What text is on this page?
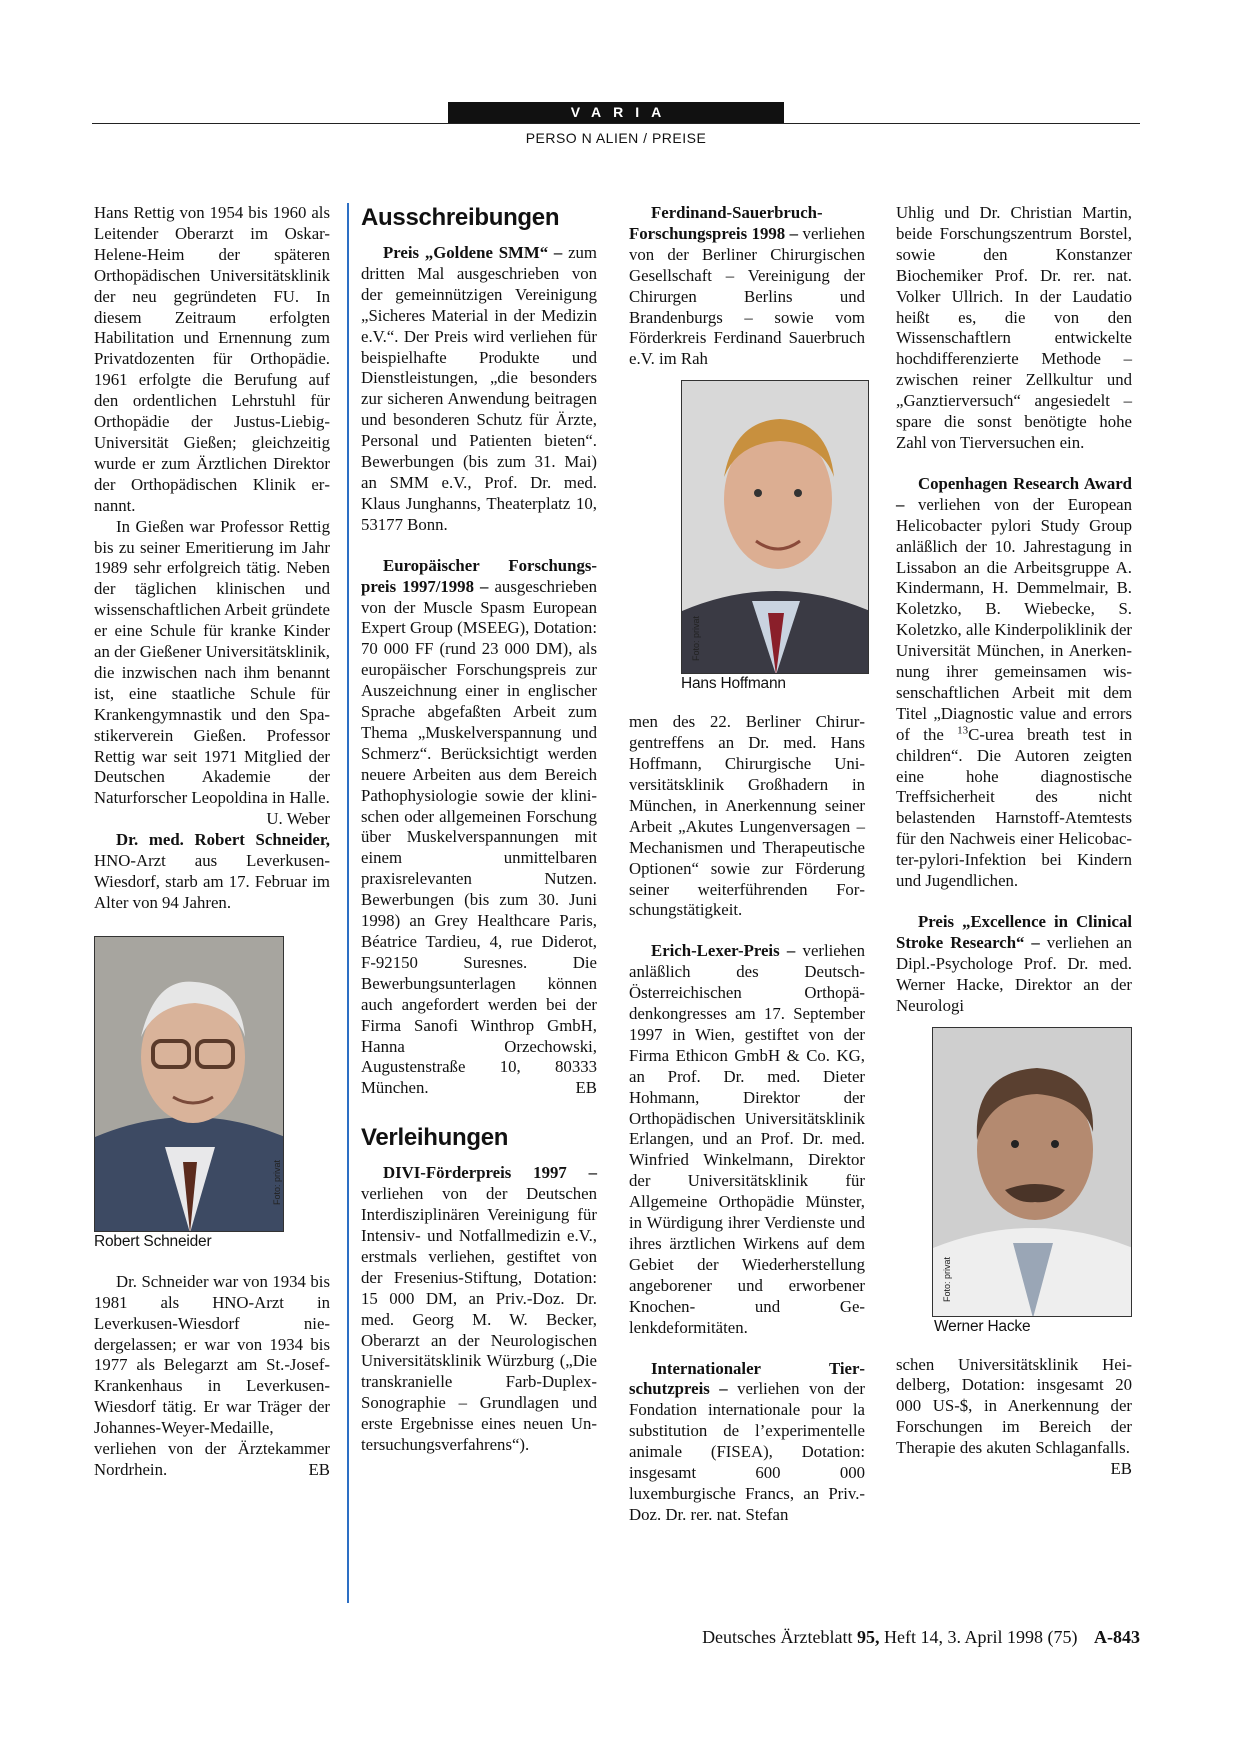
VARIA
PERSO N ALIEN / PREISE

Hans Rettig von 1954 bis 1960 als Leitender Oberarzt im Oskar-Helene-Heim der späteren Orthopädischen Universitätsklinik der neu gegründeten FU. In diesem Zeitraum erfolgten Habilitation und Ernennung zum Privatdozenten für Orthopädie. 1961 erfolgte die Berufung auf den ordentlichen Lehrstuhl für Orthopädie der Justus-Liebig-Universität Gießen; gleichzeitig wurde er zum Ärztlichen Direktor der Orthopädischen Klinik ernannt.

In Gießen war Professor Rettig bis zu seiner Emeritierung im Jahr 1989 sehr erfolgreich tätig. Neben der täglichen klinischen und wissenschaftlichen Arbeit gründete er eine Schule für kranke Kinder an der Gießener Universitätsklinik, die inzwischen nach ihm benannt ist, eine staatliche Schule für Krankengymnastik und den Spastikerverein Gießen. Professor Rettig war seit 1971 Mitglied der Deutschen Akademie der Naturforscher Leopoldina in Halle.
U. Weber

Dr. med. Robert Schneider, HNO-Arzt aus Leverkusen-Wiesdorf, starb am 17. Februar im Alter von 94 Jahren.

Foto: privat

Robert Schneider

Dr. Schneider war von 1934 bis 1981 als HNO-Arzt in Leverkusen-Wiesdorf niedergelassen; er war von 1934 bis 1977 als Belegarzt am St.-Josef-Krankenhaus in Leverkusen-Wiesdorf tätig. Er war Träger der Johannes-Weyer-Medaille, verliehen von der Ärztekammer Nordrhein.	EB

Ausschreibungen

Preis „Goldene SMM“ – zum dritten Mal ausgeschrieben von der gemeinnützigen Vereinigung „Sicheres Material in der Medizin e.V.“. Der Preis wird verliehen für beispielhafte Produkte und Dienstleistungen, „die besonders zur sicheren Anwendung beitragen und besonderen Schutz für Ärzte, Personal und Patienten bieten“. Bewerbungen (bis zum 31. Mai) an SMM e.V., Prof. Dr. med. Klaus Junghanns, Theaterplatz 10, 53177 Bonn.

Europäischer Forschungspreis 1997/1998 – ausgeschrieben von der Muscle Spasm European Expert Group (MSEEG), Dotation: 70 000 FF (rund 23 000 DM), als europäischer Forschungspreis zur Auszeichnung einer in englischer Sprache abgefaßten Arbeit zum Thema „Muskelverspannung und Schmerz“. Berücksichtigt werden neuere Arbeiten aus dem Bereich Pathophysiologie sowie der klinischen oder allgemeinen Forschung über Muskelverspannungen mit einem unmittelbaren praxisrelevanten Nutzen. Bewerbungen (bis zum 30. Juni 1998) an Grey Healthcare Paris, Béatrice Tardieu, 4, rue Diderot, F-92150 Suresnes. Die Bewerbungsunterlagen können auch angefordert werden bei der Firma Sanofi Winthrop GmbH, Hanna Orzechowski, Augustenstraße 10, 80333 München.	EB

Verleihungen

DIVI-Förderpreis 1997 – verliehen von der Deutschen Interdisziplinären Vereinigung für Intensiv- und Notfallmedizin e.V., erstmals verliehen, gestiftet von der Fresenius-Stiftung, Dotation: 15 000 DM, an Priv.-Doz. Dr. med. Georg M. W. Becker, Oberarzt an der Neurologischen Universitätsklinik Würzburg („Die transkranielle Farb-Duplex-Sonographie – Grundlagen und erste Ergebnisse eines neuen Untersuchungsverfahrens“).

Ferdinand-Sauerbruch-Forschungspreis 1998 – verliehen von der Berliner Chirurgischen Gesellschaft – Vereinigung der Chirurgen Berlins und Brandenburgs – sowie vom Förderkreis Ferdinand Sauerbruch e.V. im Rah

Foto: privat

Hans Hoffmann

men des 22. Berliner Chirurgentreffens an Dr. med. Hans Hoffmann, Chirurgische Universitätsklinik Großhadern in München, in Anerkennung seiner Arbeit „Akutes Lungenversagen – Mechanismen und Therapeutische Optionen“ sowie zur Förderung seiner weiterführenden Forschungstätigkeit.

Erich-Lexer-Preis – verliehen anläßlich des Deutsch-Österreichischen Orthopädenkongresses am 17. September 1997 in Wien, gestiftet von der Firma Ethicon GmbH & Co. KG, an Prof. Dr. med. Dieter Hohmann, Direktor der Orthopädischen Universitätsklinik Erlangen, und an Prof. Dr. med. Winfried Winkelmann, Direktor der Universitätsklinik für Allgemeine Orthopädie Münster, in Würdigung ihrer Verdienste und ihres ärztlichen Wirkens auf dem Gebiet der Wiederherstellung angeborener und erworbener Knochen- und Gelenkdeformitäten.

Internationaler Tierschutzpreis – verliehen von der Fondation internationale pour la substitution de l’experimentelle animale (FISEA), Dotation: insgesamt 600 000 luxemburgische Francs, an Priv.-Doz. Dr. rer. nat. Stefan

Uhlig und Dr. Christian Martin, beide Forschungszentrum Borstel, sowie den Konstanzer Biochemiker Prof. Dr. rer. nat. Volker Ullrich. In der Laudatio heißt es, die von den Wissenschaftlern entwickelte hochdifferenzierte Methode – zwischen reiner Zellkultur und „Ganztierversuch“ angesiedelt – spare die sonst benötigte hohe Zahl von Tierversuchen ein.

Copenhagen Research Award – verliehen von der European Helicobacter pylori Study Group anläßlich der 10. Jahrestagung in Lissabon an die Arbeitsgruppe A. Kindermann, H. Demmelmair, B. Koletzko, B. Wiebecke, S. Koletzko, alle Kinderpoliklinik der Universität München, in Anerkennung ihrer gemeinsamen wissenschaftlichen Arbeit mit dem Titel „Diagnostic value and errors of the $^{13}$C-urea breath test in children“. Die Autoren zeigten eine hohe diagnostische Treffsicherheit des nicht belastenden Harnstoff-Atemtests für den Nachweis einer Helicobacter-pylori-Infektion bei Kindern und Jugendlichen.

Preis „Excellence in Clinical Stroke Research“ – verliehen an Dipl.-Psychologe Prof. Dr. med. Werner Hacke, Direktor an der Neurologi

Foto: privat

Werner Hacke

schen Universitätsklinik Heidelberg, Dotation: insgesamt 20 000 US-$, in Anerkennung der Forschungen im Bereich der Therapie des akuten Schlaganfalls.
EB

Deutsches Ärzteblatt 95, Heft 14, 3. April 1998 (75) A-843
